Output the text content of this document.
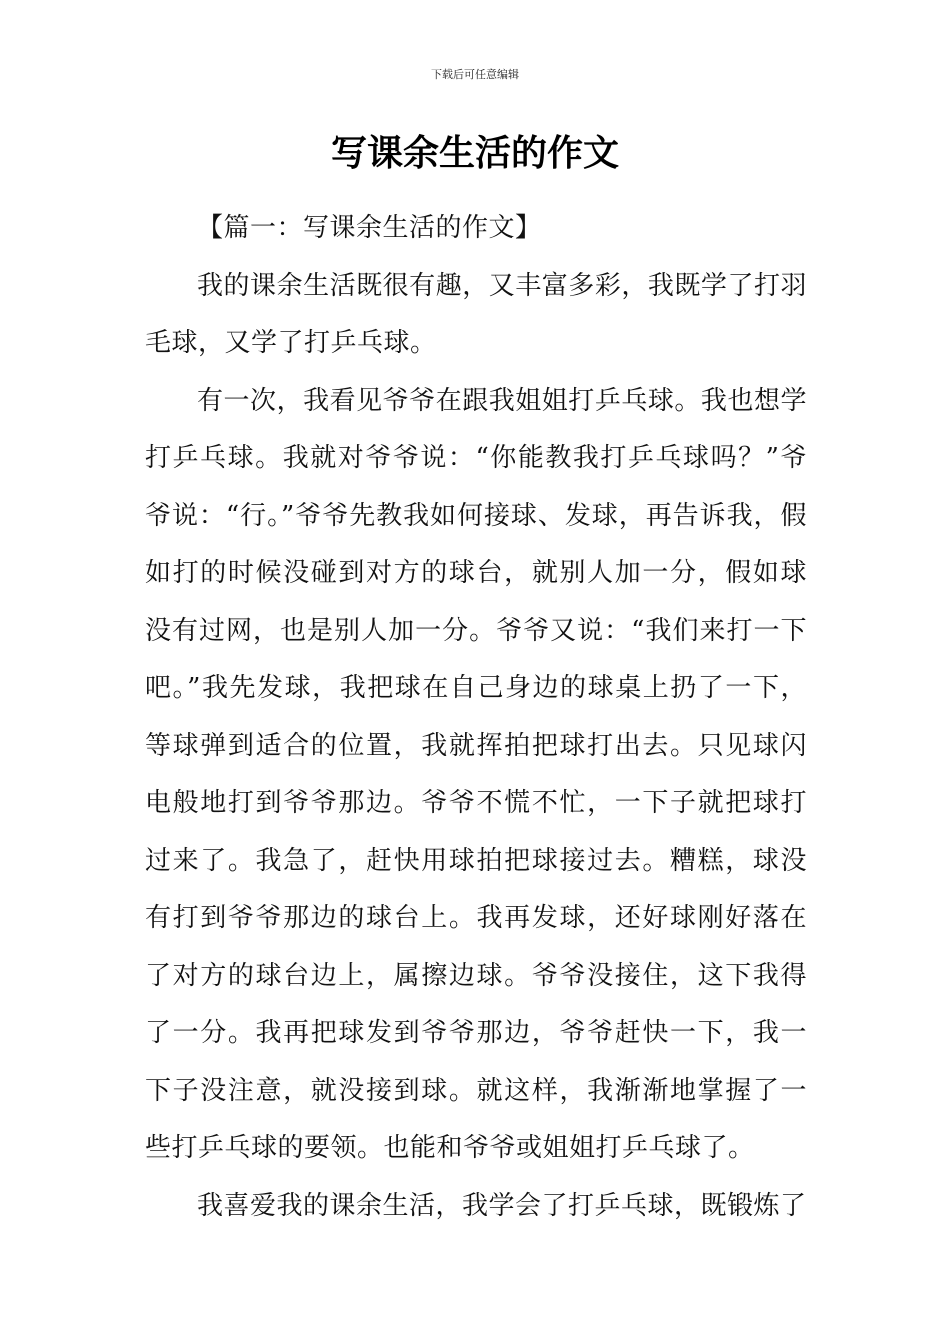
下载后可任意编辑
写课余生活的作文

【篇一：写课余生活的作文】

我的课余生活既很有趣，又丰富多彩，我既学了打羽毛球，又学了打乒乓球。

有一次，我看见爷爷在跟我姐姐打乒乓球。我也想学打乒乓球。我就对爷爷说：“你能教我打乒乓球吗？”爷爷说：“行。”爷爷先教我如何接球、发球，再告诉我，假如打的时候没碰到对方的球台，就别人加一分，假如球没有过网，也是别人加一分。爷爷又说：“我们来打一下吧。”我先发球，我把球在自己身边的球桌上扔了一下，等球弹到适合的位置，我就挥拍把球打出去。只见球闪电般地打到爷爷那边。爷爷不慌不忙，一下子就把球打过来了。我急了，赶快用球拍把球接过去。糟糕，球没有打到爷爷那边的球台上。我再发球，还好球刚好落在了对方的球台边上，属擦边球。爷爷没接住，这下我得了一分。我再把球发到爷爷那边，爷爷赶快一下，我一下子没注意，就没接到球。就这样，我渐渐地掌握了一些打乒乓球的要领。也能和爷爷或姐姐打乒乓球了。

我喜爱我的课余生活，我学会了打乒乓球，既锻炼了
